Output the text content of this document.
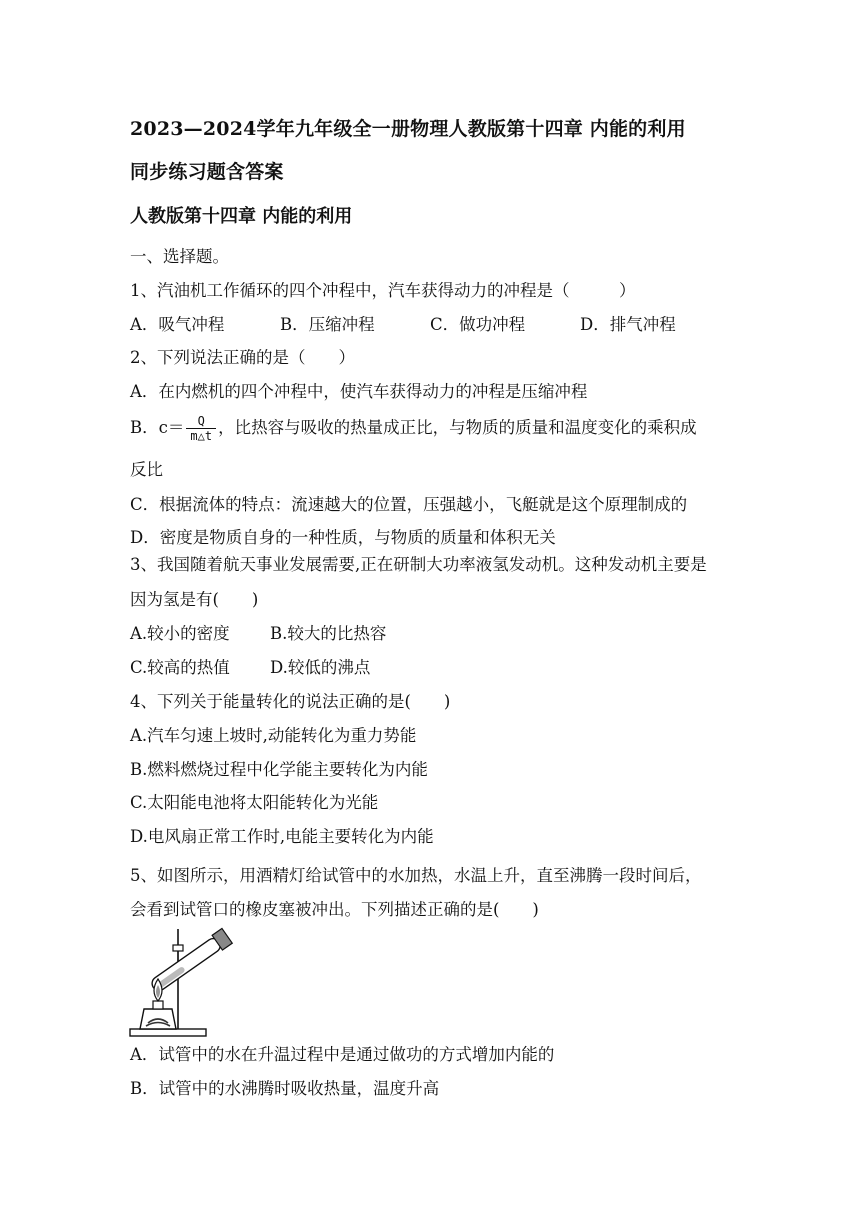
2023—2024学年九年级全一册物理人教版第十四章 内能的利用
同步练习题含答案
人教版第十四章 内能的利用
一、选择题。
1、汽油机工作循环的四个冲程中，汽车获得动力的冲程是（　　　）
A．吸气冲程	B．压缩冲程	C．做功冲程	D．排气冲程
2、下列说法正确的是（　　）
A．在内燃机的四个冲程中，使汽车获得动力的冲程是压缩冲程
B．$c= \frac{Q}{m\triangle t}$ ，比热容与吸收的热量成正比，与物质的质量和温度变化的乘积成
反比
C．根据流体的特点：流速越大的位置，压强越小，飞艇就是这个原理制成的
D．密度是物质自身的一种性质，与物质的质量和体积无关
3、我国随着航天事业发展需要,正在研制大功率液氢发动机。这种发动机主要是
因为氢是有(　　)
A.较小的密度 B.较大的比热容
C.较高的热值 D.较低的沸点
4、下列关于能量转化的说法正确的是(　　)
A.汽车匀速上坡时,动能转化为重力势能
B.燃料燃烧过程中化学能主要转化为内能
C.太阳能电池将太阳能转化为光能
D.电风扇正常工作时,电能主要转化为内能
5、如图所示，用酒精灯给试管中的水加热，水温上升，直至沸腾一段时间后，
会看到试管口的橡皮塞被冲出。下列描述正确的是(　　)
A．试管中的水在升温过程中是通过做功的方式增加内能的
B．试管中的水沸腾时吸收热量，温度升高
